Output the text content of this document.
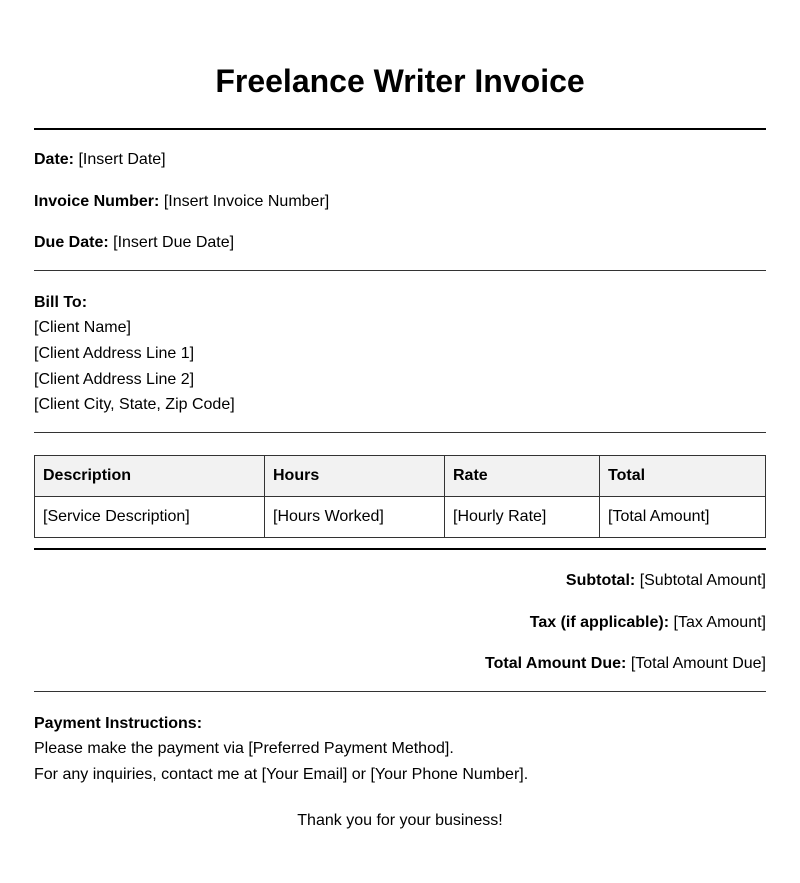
Freelance Writer Invoice
Date: [Insert Date]
Invoice Number: [Insert Invoice Number]
Due Date: [Insert Due Date]
Bill To:
[Client Name]
[Client Address Line 1]
[Client Address Line 2]
[Client City, State, Zip Code]
Description	Hours	Rate	Total
[Service Description]	[Hours Worked]	[Hourly Rate]	[Total Amount]
Subtotal: [Subtotal Amount]
Tax (if applicable): [Tax Amount]
Total Amount Due: [Total Amount Due]
Payment Instructions:
Please make the payment via [Preferred Payment Method].
For any inquiries, contact me at [Your Email] or [Your Phone Number].
Thank you for your business!
